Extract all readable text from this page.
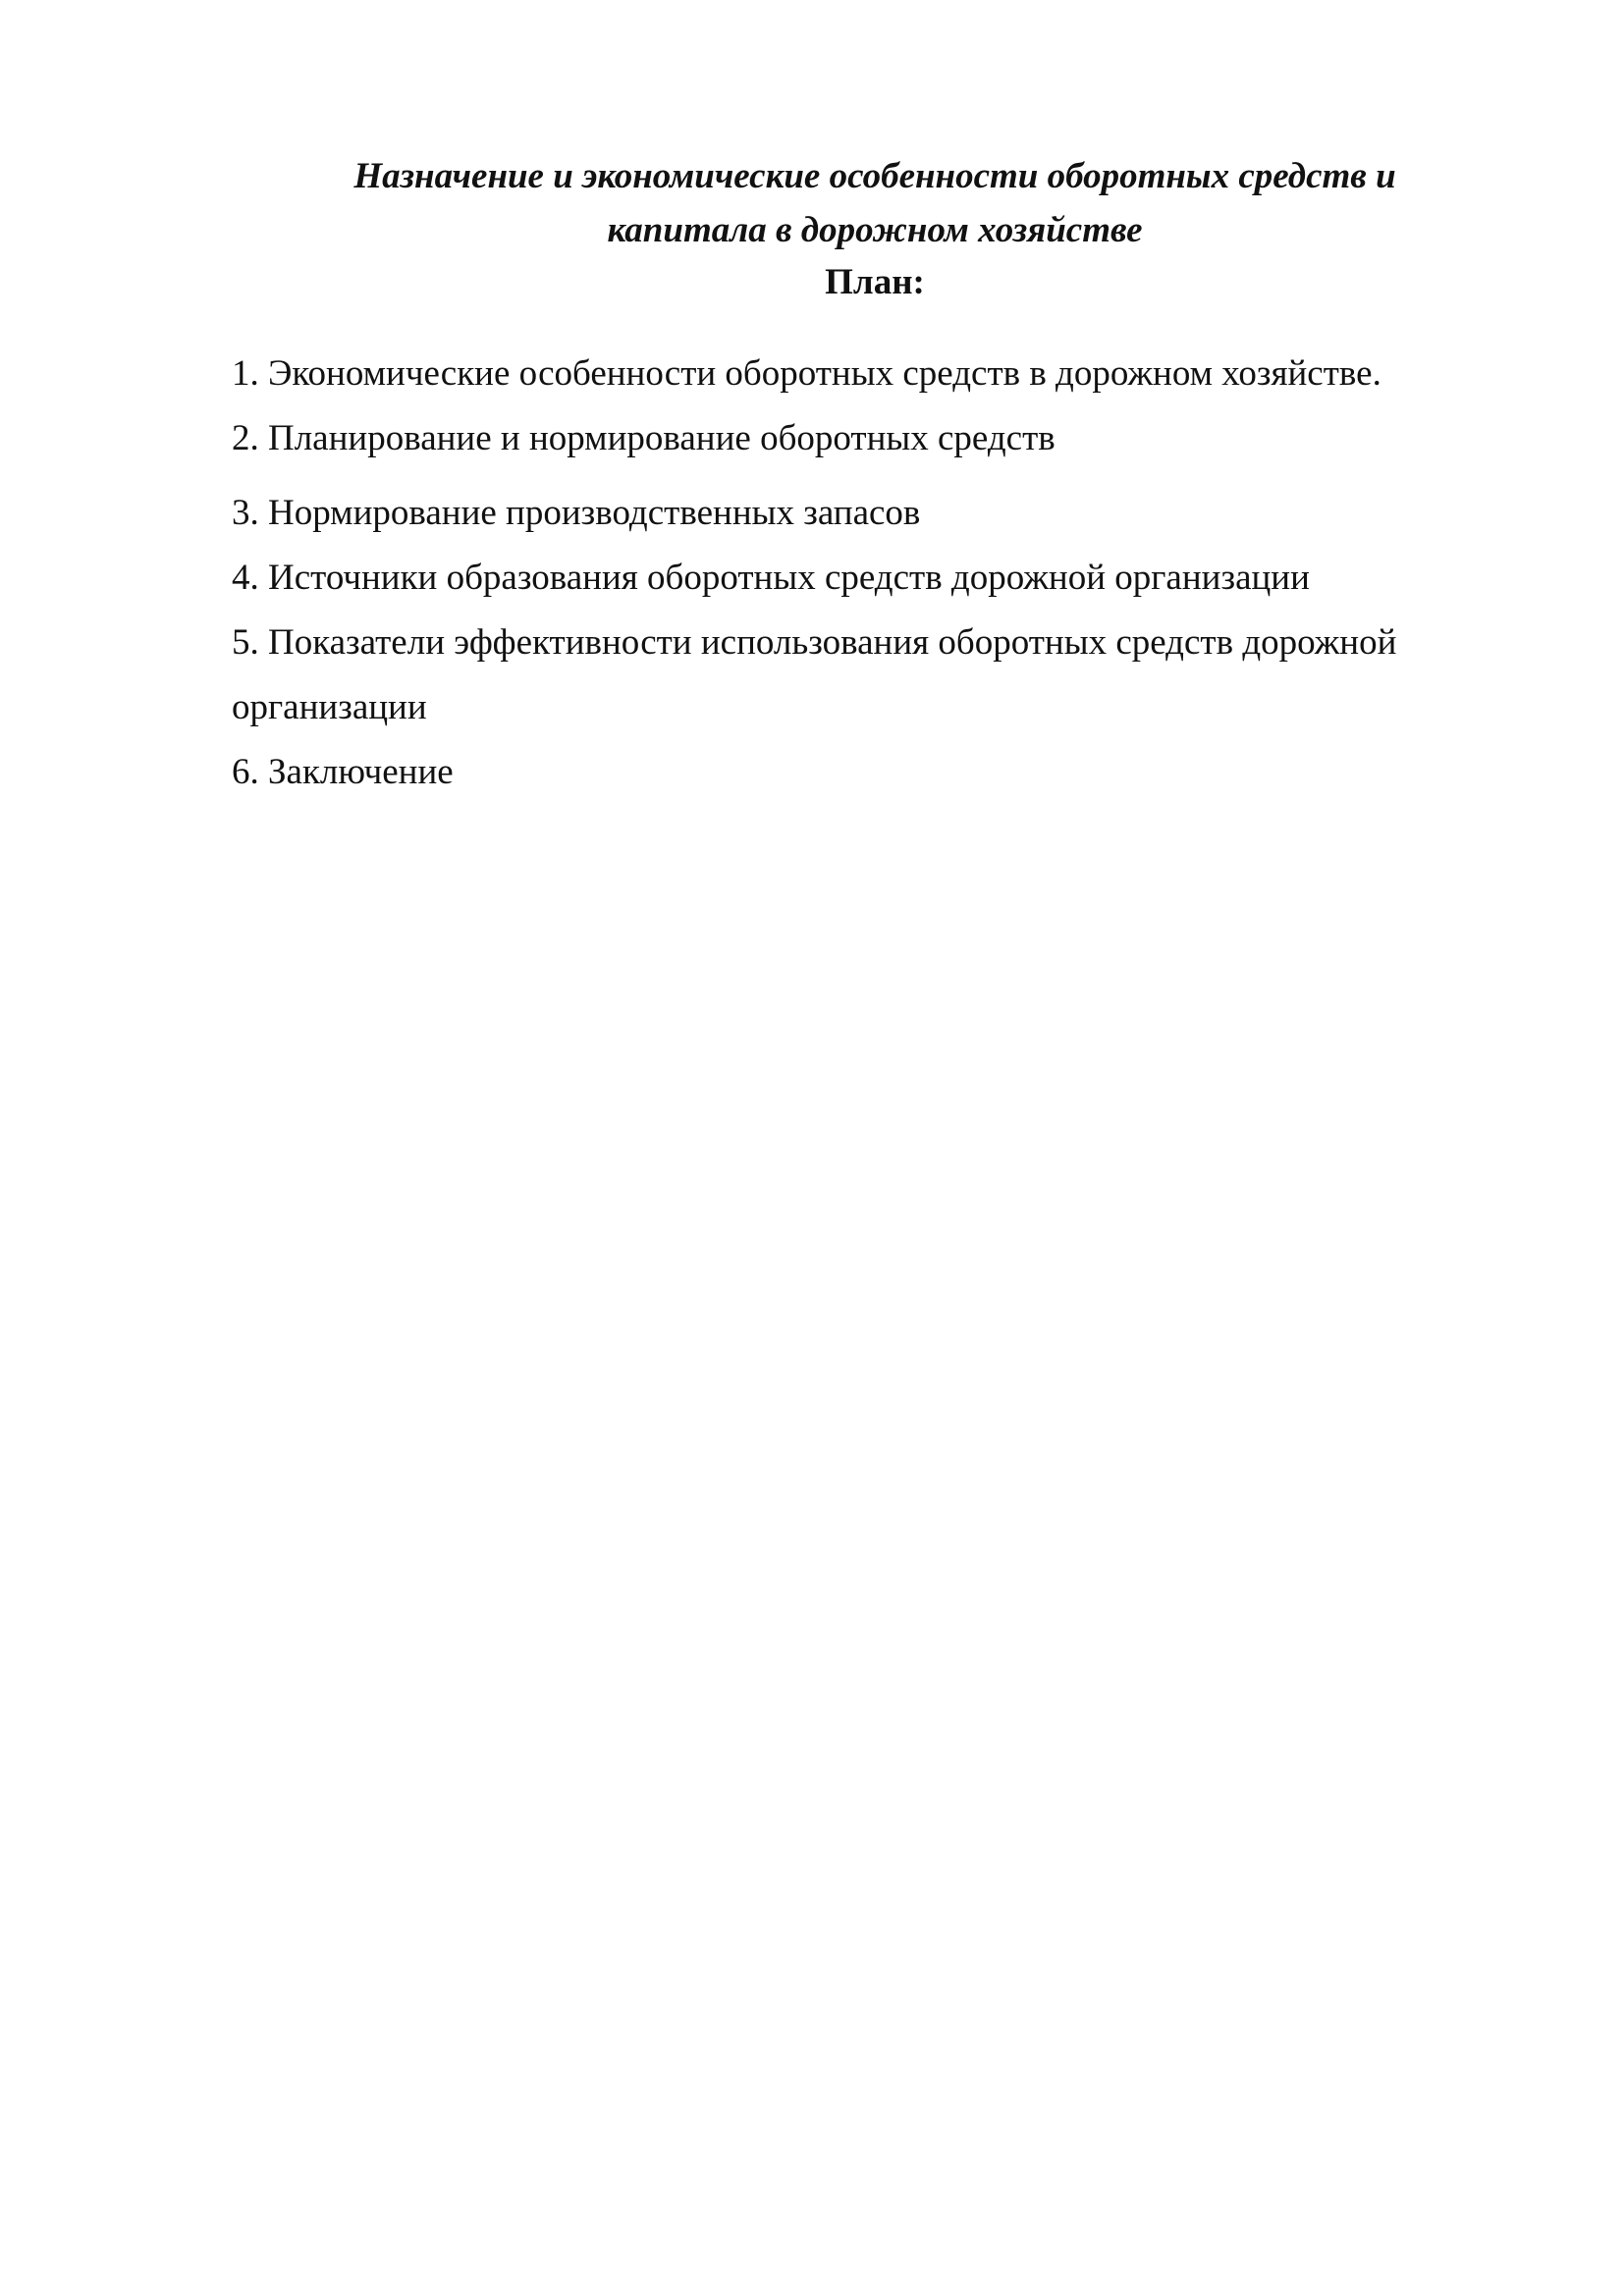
Назначение и экономические особенности оборотных средств и
капитала в дорожном хозяйстве
План:
1. Экономические особенности оборотных средств в дорожном хозяйстве.
2. Планирование и нормирование оборотных средств
3. Нормирование производственных запасов
4. Источники образования оборотных средств дорожной организации
5. Показатели эффективности использования оборотных средств дорожной
организации
6. Заключение
